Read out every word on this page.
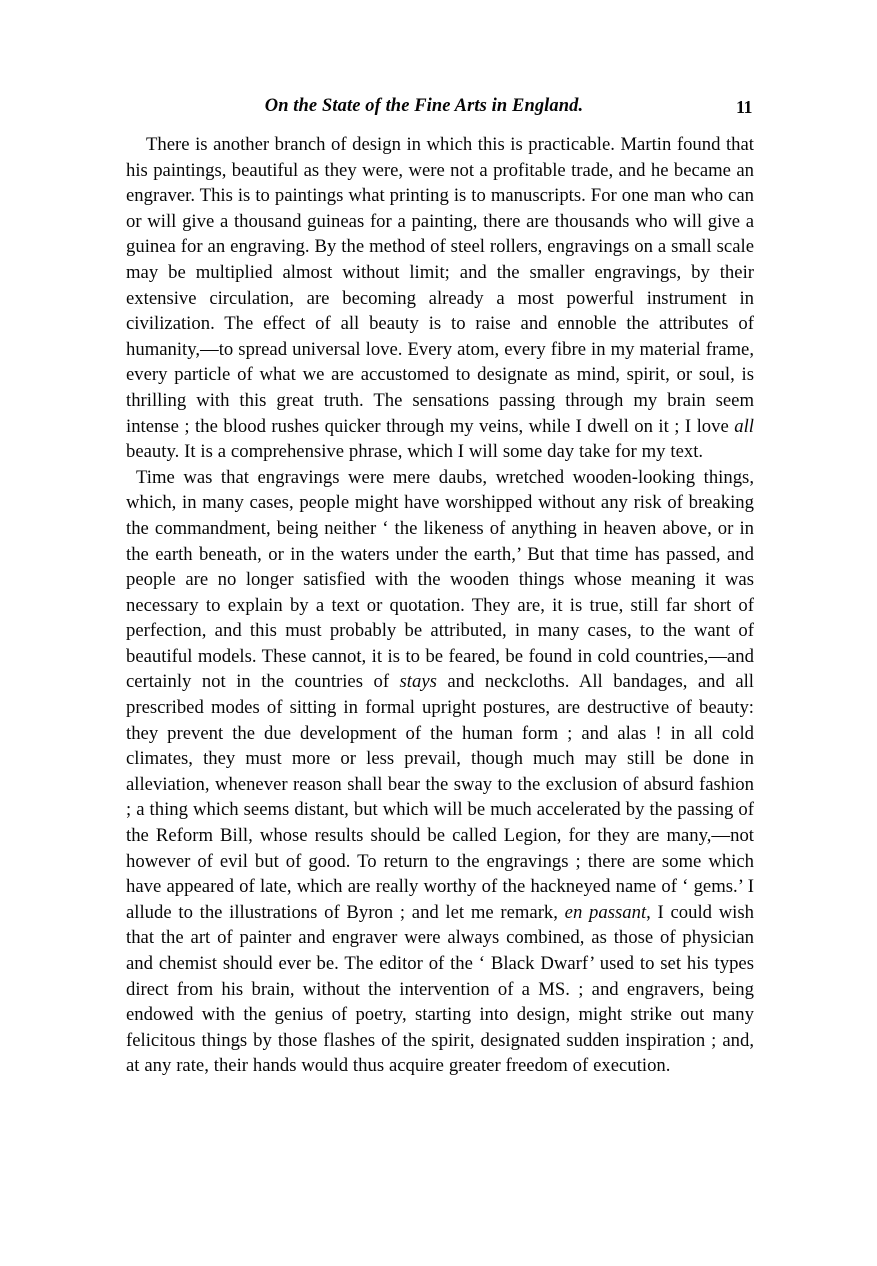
On the State of the Fine Arts in England.	11

There is another branch of design in which this is practicable. Martin found that his paintings, beautiful as they were, were not a profitable trade, and he became an engraver. This is to paintings what printing is to manuscripts. For one man who can or will give a thousand guineas for a painting, there are thousands who will give a guinea for an engraving. By the method of steel rollers, engravings on a small scale may be multiplied almost without limit; and the smaller engravings, by their extensive circulation, are becoming already a most powerful instrument in civilization. The effect of all beauty is to raise and ennoble the attributes of humanity,—to spread universal love. Every atom, every fibre in my material frame, every particle of what we are accustomed to designate as mind, spirit, or soul, is thrilling with this great truth. The sensations passing through my brain seem intense ; the blood rushes quicker through my veins, while I dwell on it ; I love all beauty. It is a comprehensive phrase, which I will some day take for my text.

Time was that engravings were mere daubs, wretched wooden-looking things, which, in many cases, people might have worshipped without any risk of breaking the commandment, being neither ‘ the likeness of anything in heaven above, or in the earth beneath, or in the waters under the earth,’ But that time has passed, and people are no longer satisfied with the wooden things whose meaning it was necessary to explain by a text or quotation. They are, it is true, still far short of perfection, and this must probably be attributed, in many cases, to the want of beautiful models. These cannot, it is to be feared, be found in cold countries,—and certainly not in the countries of stays and neckcloths. All bandages, and all prescribed modes of sitting in formal upright postures, are destructive of beauty: they prevent the due development of the human form ; and alas ! in all cold climates, they must more or less prevail, though much may still be done in alleviation, whenever reason shall bear the sway to the exclusion of absurd fashion ; a thing which seems distant, but which will be much accelerated by the passing of the Reform Bill, whose results should be called Legion, for they are many,—not however of evil but of good. To return to the engravings ; there are some which have appeared of late, which are really worthy of the hackneyed name of ‘ gems.’ I allude to the illustrations of Byron ; and let me remark, en passant, I could wish that the art of painter and engraver were always combined, as those of physician and chemist should ever be. The editor of the ‘ Black Dwarf’ used to set his types direct from his brain, without the intervention of a MS. ; and engravers, being endowed with the genius of poetry, starting into design, might strike out many felicitous things by those flashes of the spirit, designated sudden inspiration ; and, at any rate, their hands would thus acquire greater freedom of execution.
